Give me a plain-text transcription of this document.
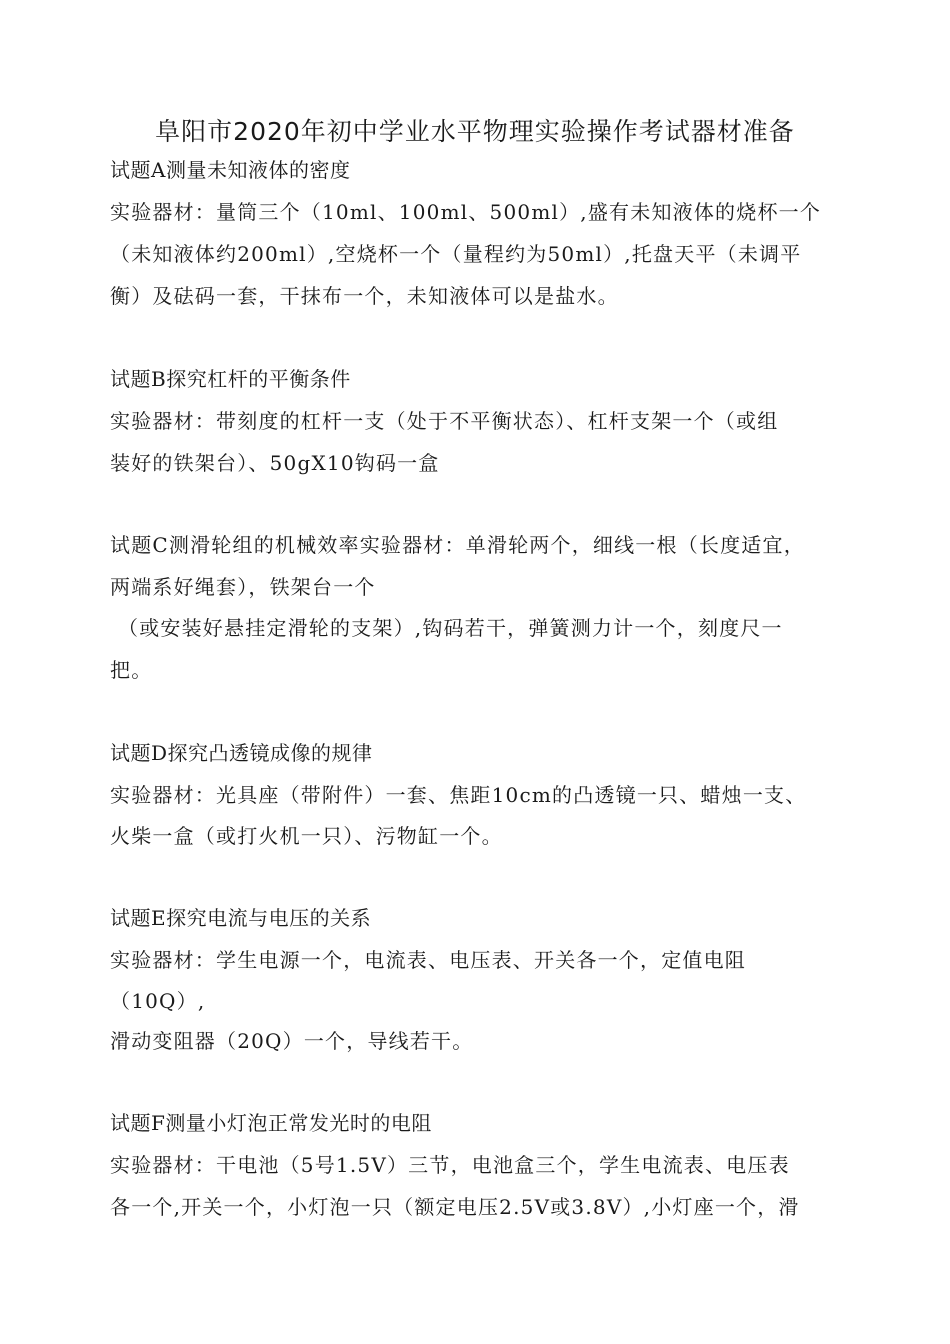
阜阳市2020年初中学业水平物理实验操作考试器材准备
试题A测量未知液体的密度
实验器材：量筒三个（10ml、100ml、500ml）,盛有未知液体的烧杯一个
（未知液体约200ml）,空烧杯一个（量程约为50ml）,托盘天平（未调平
衡）及砝码一套，干抹布一个，未知液体可以是盐水。
试题B探究杠杆的平衡条件
实验器材：带刻度的杠杆一支（处于不平衡状态）、杠杆支架一个（或组
装好的铁架台）、50gX10钩码一盒
试题C测滑轮组的机械效率实验器材：单滑轮两个，细线一根（长度适宜，
两端系好绳套），铁架台一个
（或安装好悬挂定滑轮的支架）,钩码若干，弹簧测力计一个，刻度尺一
把。
试题D探究凸透镜成像的规律
实验器材：光具座（带附件）一套、焦距10cm的凸透镜一只、蜡烛一支、
火柴一盒（或打火机一只）、污物缸一个。
试题E探究电流与电压的关系
实验器材：学生电源一个，电流表、电压表、开关各一个，定值电阻
（10Q）,
滑动变阻器（20Q）一个，导线若干。
试题F测量小灯泡正常发光时的电阻
实验器材：干电池（5号1.5V）三节，电池盒三个，学生电流表、电压表
各一个,开关一个，小灯泡一只（额定电压2.5V或3.8V）,小灯座一个，滑
